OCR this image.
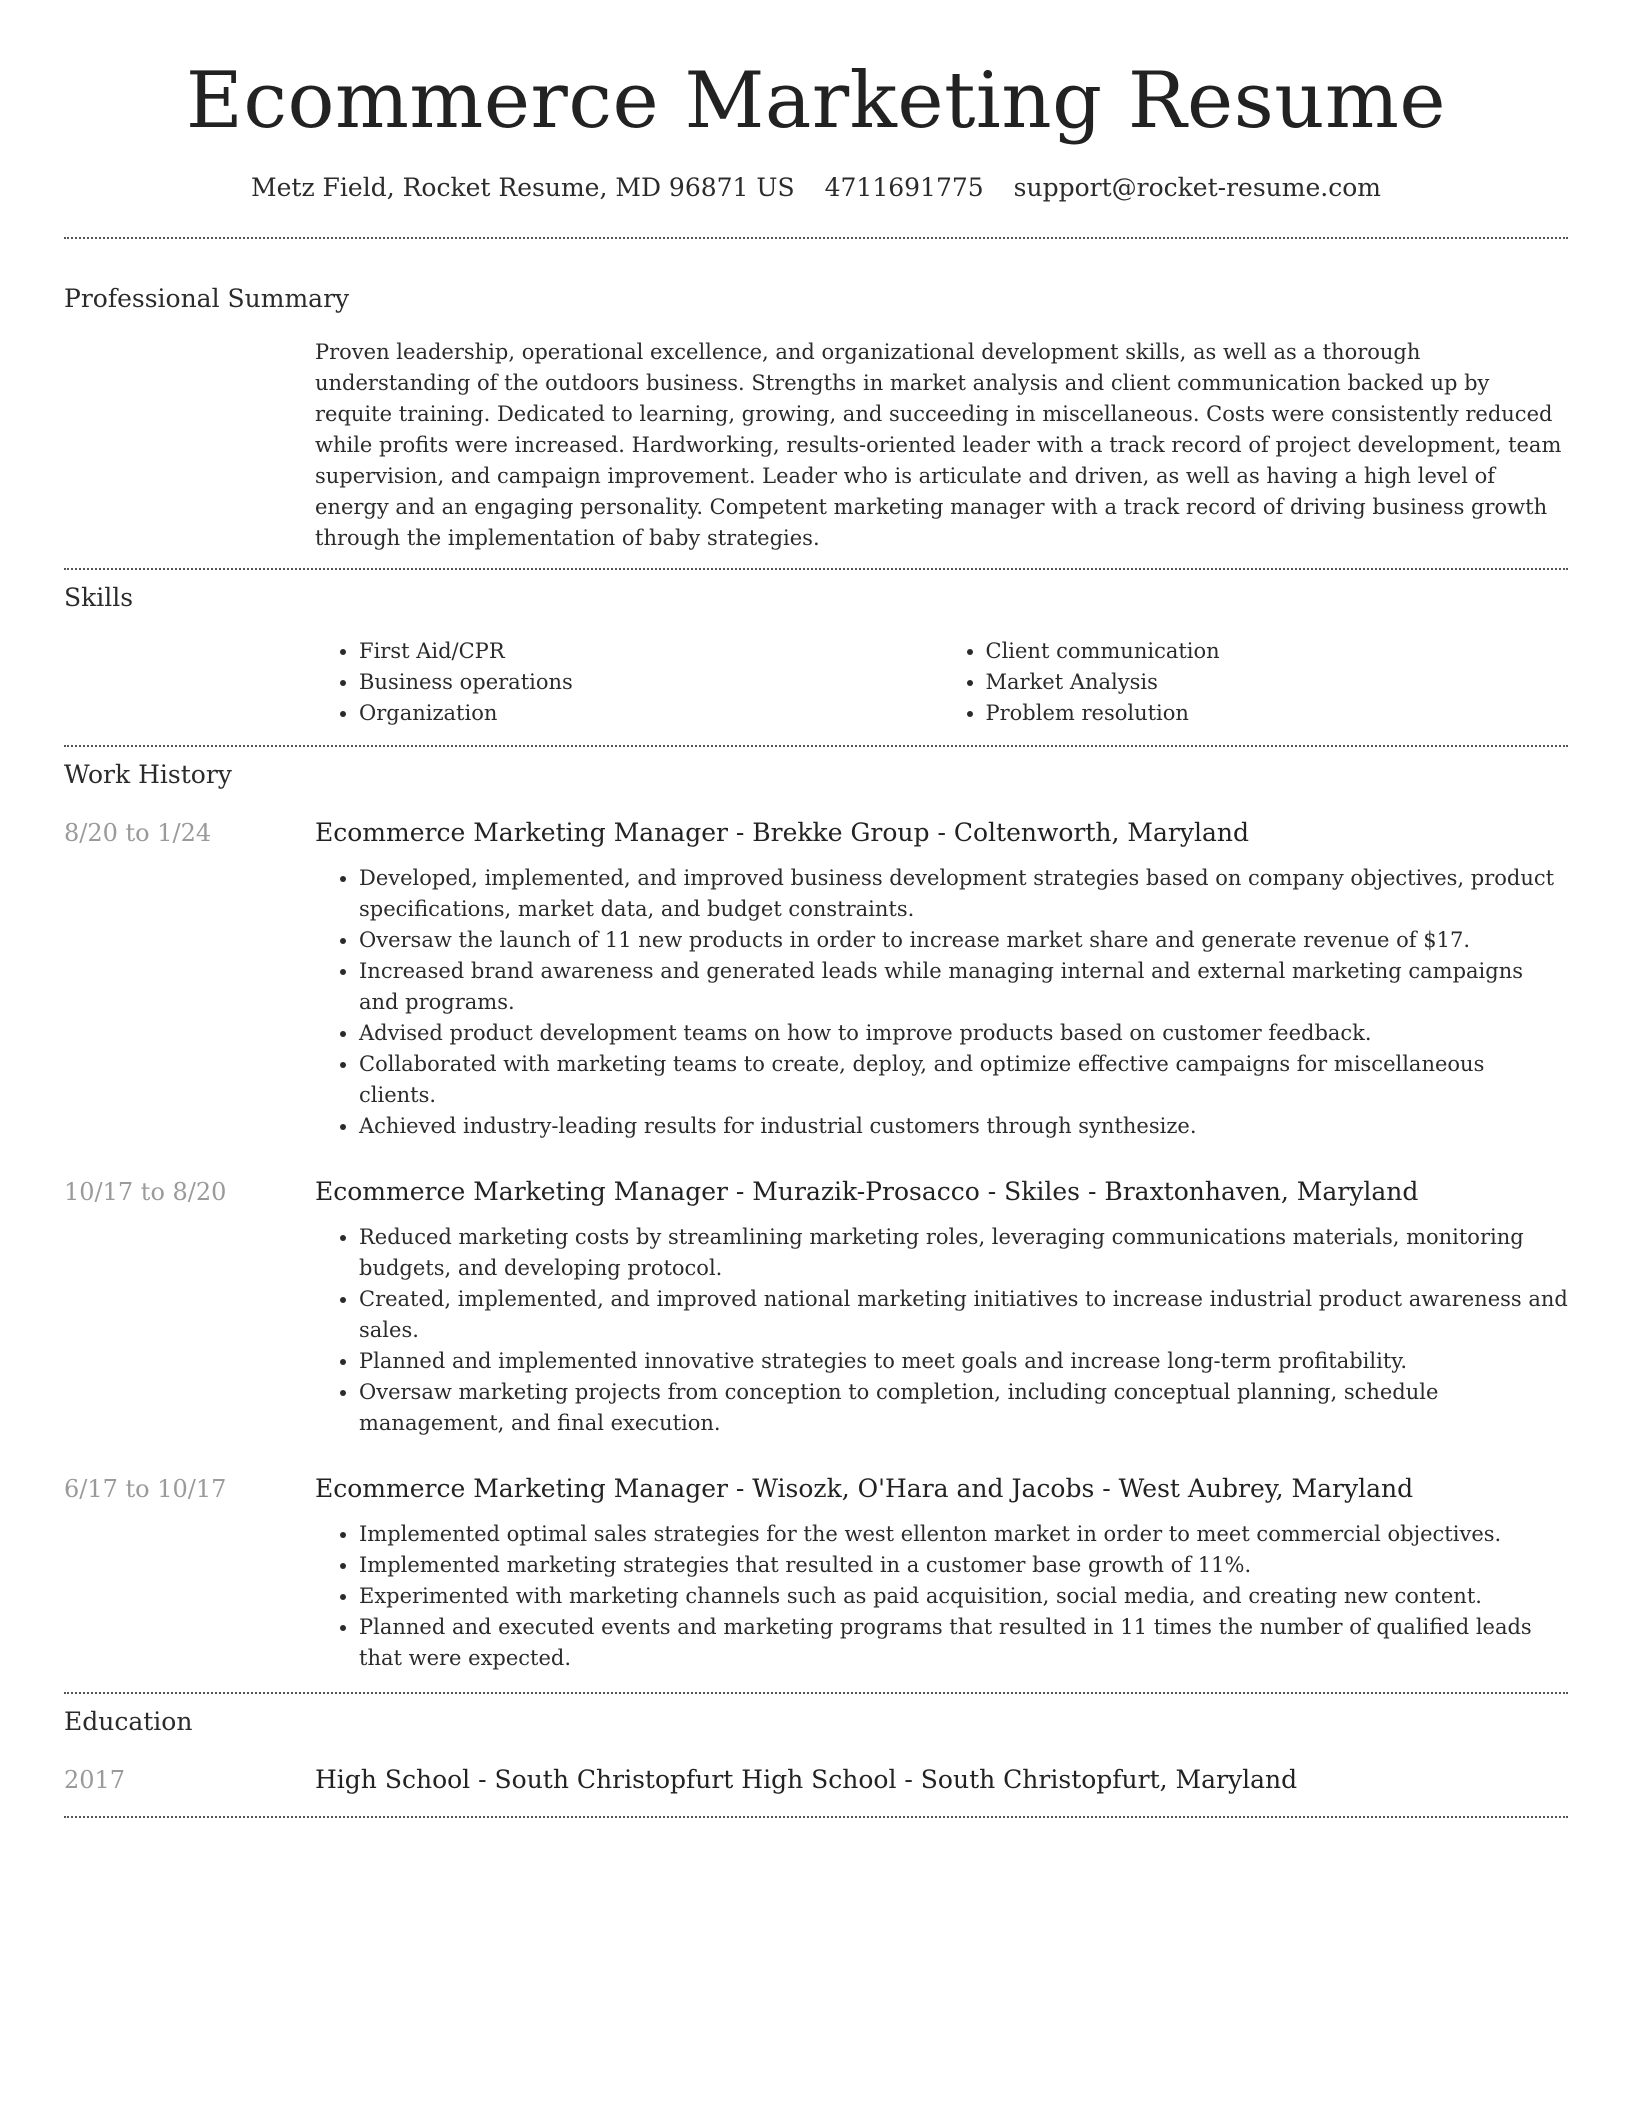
Ecommerce Marketing Resume
Metz Field, Rocket Resume, MD 96871 US 4711691775 support@rocket-resume.com
Professional Summary

Proven leadership, operational excellence, and organizational development skills, as well as a thorough understanding of the outdoors business. Strengths in market analysis and client communication backed up by requite training. Dedicated to learning, growing, and succeeding in miscellaneous. Costs were consistently reduced while profits were increased. Hardworking, results-oriented leader with a track record of project development, team supervision, and campaign improvement. Leader who is articulate and driven, as well as having a high level of energy and an engaging personality. Competent marketing manager with a track record of driving business growth through the implementation of baby strategies.

Skills
• First Aid/CPR
• Business operations
• Organization
• Client communication
• Market Analysis
• Problem resolution
Work History
8/20 to 1/24	Ecommerce Marketing Manager - Brekke Group - Coltenworth, Maryland
• Developed, implemented, and improved business development strategies based on company objectives, product specifications, market data, and budget constraints.
• Oversaw the launch of 11 new products in order to increase market share and generate revenue of $17.
• Increased brand awareness and generated leads while managing internal and external marketing campaigns and programs.
• Advised product development teams on how to improve products based on customer feedback.
• Collaborated with marketing teams to create, deploy, and optimize effective campaigns for miscellaneous clients.
• Achieved industry-leading results for industrial customers through synthesize.
10/17 to 8/20	Ecommerce Marketing Manager - Murazik-Prosacco - Skiles - Braxtonhaven, Maryland
• Reduced marketing costs by streamlining marketing roles, leveraging communications materials, monitoring budgets, and developing protocol.
• Created, implemented, and improved national marketing initiatives to increase industrial product awareness and sales.
• Planned and implemented innovative strategies to meet goals and increase long-term profitability.
• Oversaw marketing projects from conception to completion, including conceptual planning, schedule management, and final execution.
6/17 to 10/17	Ecommerce Marketing Manager - Wisozk, O'Hara and Jacobs - West Aubrey, Maryland
• Implemented optimal sales strategies for the west ellenton market in order to meet commercial objectives.
• Implemented marketing strategies that resulted in a customer base growth of 11%.
• Experimented with marketing channels such as paid acquisition, social media, and creating new content.
• Planned and executed events and marketing programs that resulted in 11 times the number of qualified leads that were expected.
Education
2017	High School - South Christopfurt High School - South Christopfurt, Maryland
